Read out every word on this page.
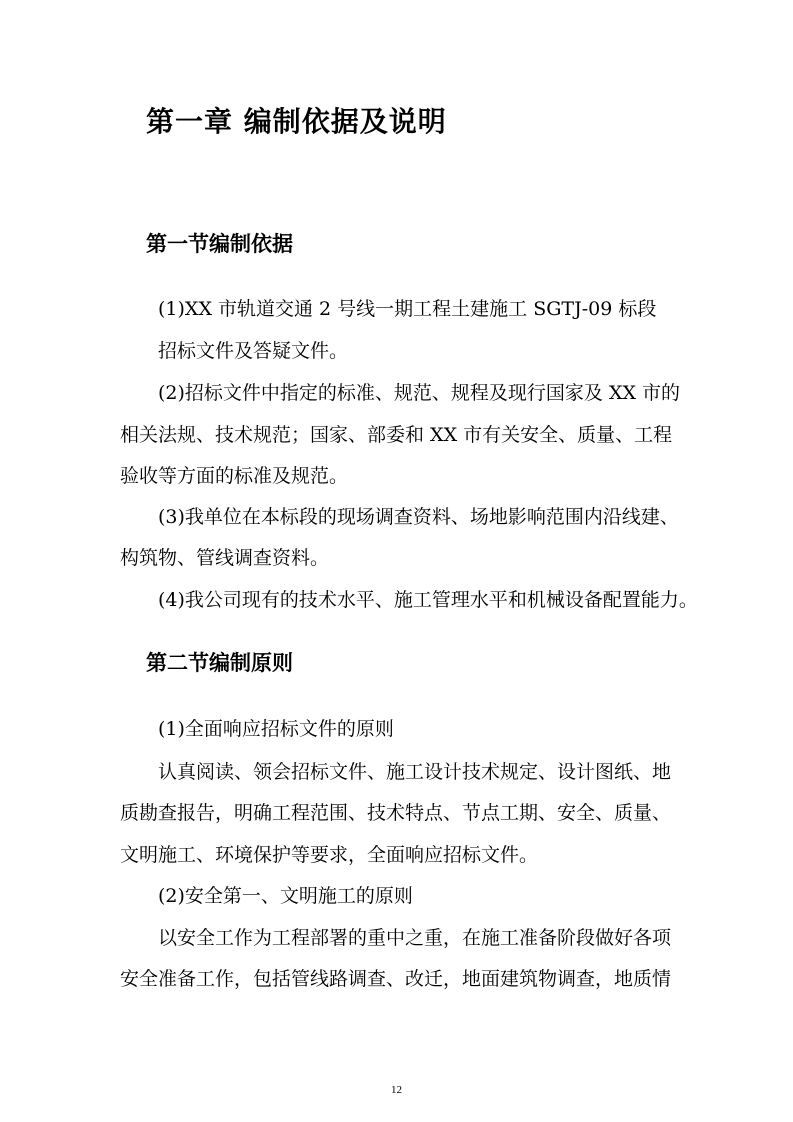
第一章 编制依据及说明
第一节编制依据
(1)XX 市轨道交通 2 号线一期工程土建施工 SGTJ-09 标段
招标文件及答疑文件。
(2)招标文件中指定的标准、规范、规程及现行国家及 XX 市的
相关法规、技术规范；国家、部委和 XX 市有关安全、质量、工程
验收等方面的标准及规范。
(3)我单位在本标段的现场调查资料、场地影响范围内沿线建、
构筑物、管线调查资料。
(4)我公司现有的技术水平、施工管理水平和机械设备配置能力。
第二节编制原则
(1)全面响应招标文件的原则
认真阅读、领会招标文件、施工设计技术规定、设计图纸、地
质勘查报告，明确工程范围、技术特点、节点工期、安全、质量、
文明施工、环境保护等要求，全面响应招标文件。
(2)安全第一、文明施工的原则
以安全工作为工程部署的重中之重，在施工准备阶段做好各项
安全准备工作，包括管线路调查、改迁，地面建筑物调查，地质情
12
